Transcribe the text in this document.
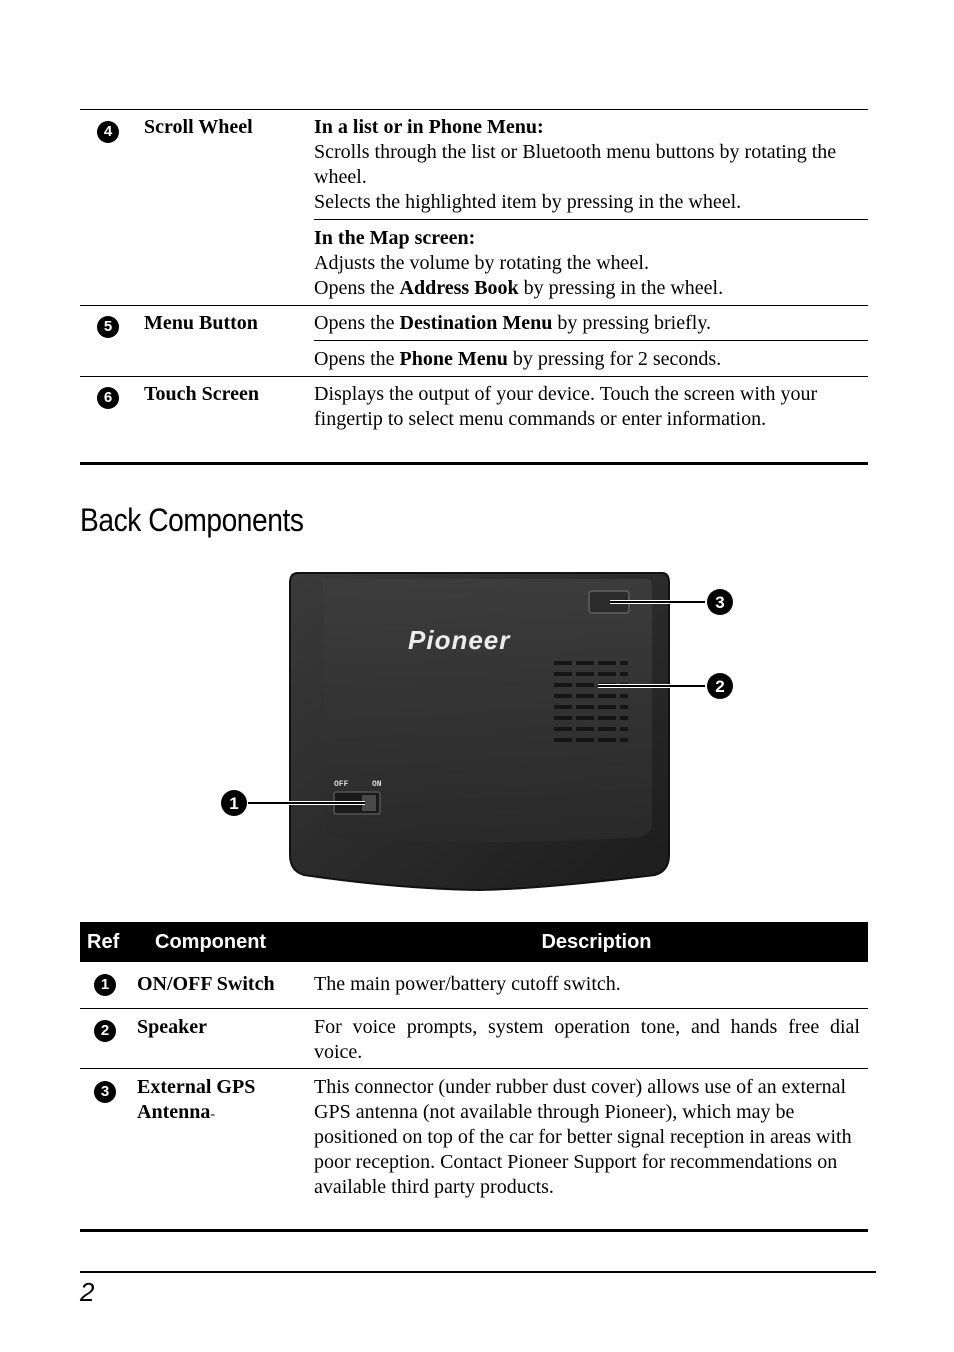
4	Scroll Wheel	In a list or in Phone Menu:
Scrolls through the list or Bluetooth menu buttons by rotating the wheel.
Selects the highlighted item by pressing in the wheel.
In the Map screen:
Adjusts the volume by rotating the wheel.
Opens the Address Book by pressing in the wheel.
5	Menu Button	Opens the Destination Menu by pressing briefly.
Opens the Phone Menu by pressing for 2 seconds.
6	Touch Screen	Displays the output of your device. Touch the screen with your fingertip to select menu commands or enter information.
Back Components
Pioneer
OFF	ON
3
2
1
Ref	Component	Description
1	ON/OFF Switch	The main power/battery cutoff switch.
2	Speaker	For voice prompts, system operation tone, and hands free dial voice.
3	External GPS Antenna-
This connector (under rubber dust cover) allows use of an external GPS antenna (not available through Pioneer), which may be positioned on top of the car for better signal reception in areas with poor reception. Contact Pioneer Support for recommendations on available third party products.
2
